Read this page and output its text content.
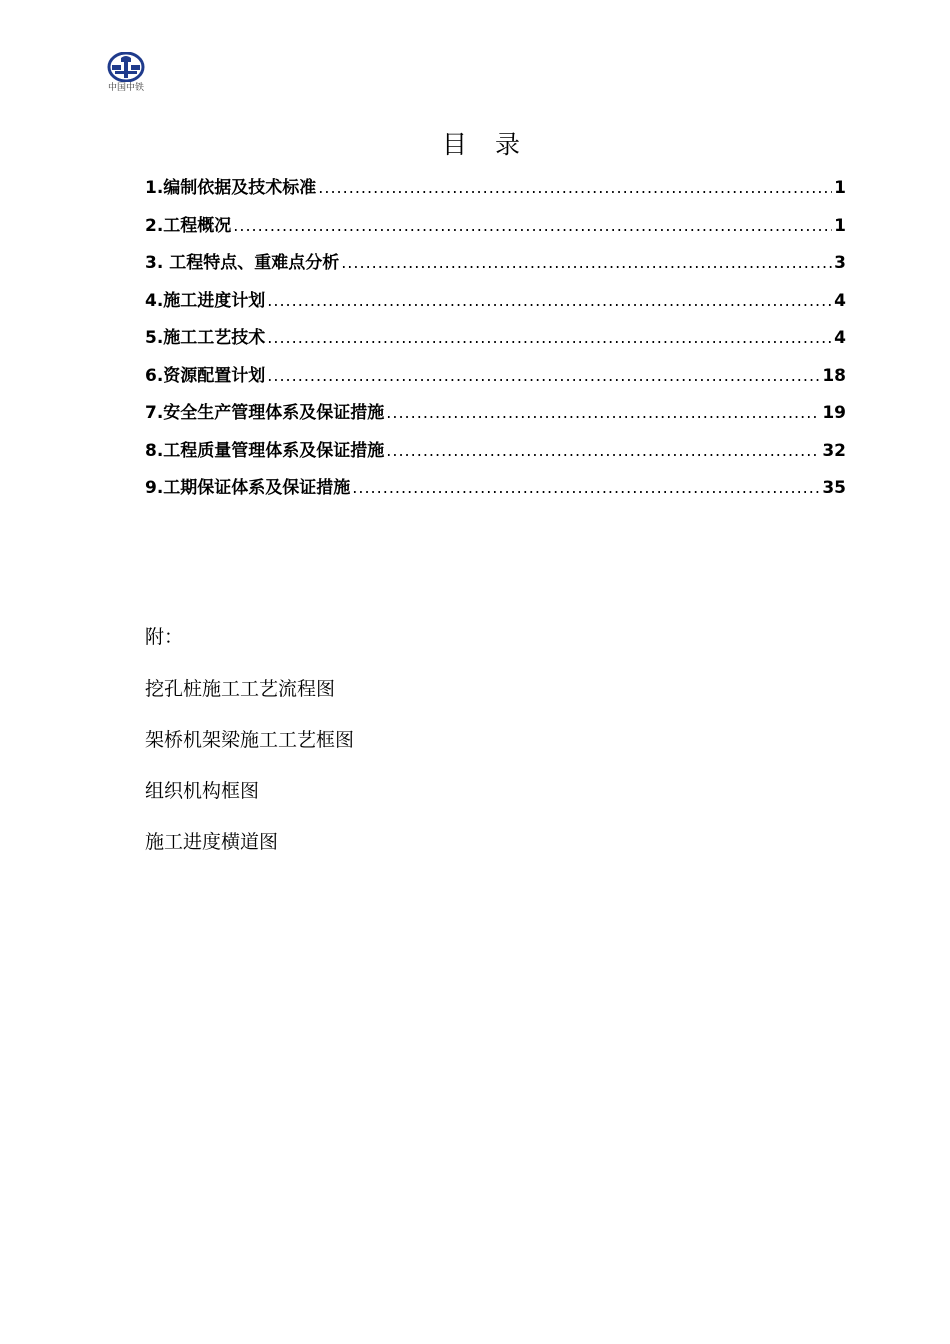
中国中铁
目录
1.编制依据及技术标准 .....	1
2.工程概况 .....	1
3. 工程特点、重难点分析 .....	3
4.施工进度计划 .....	4
5.施工工艺技术 .....	4
6.资源配置计划 .....	18
7.安全生产管理体系及保证措施 .....	19
8.工程质量管理体系及保证措施 .....	32
9.工期保证体系及保证措施 .....	35
附：
挖孔桩施工工艺流程图
架桥机架梁施工工艺框图
组织机构框图
施工进度横道图
